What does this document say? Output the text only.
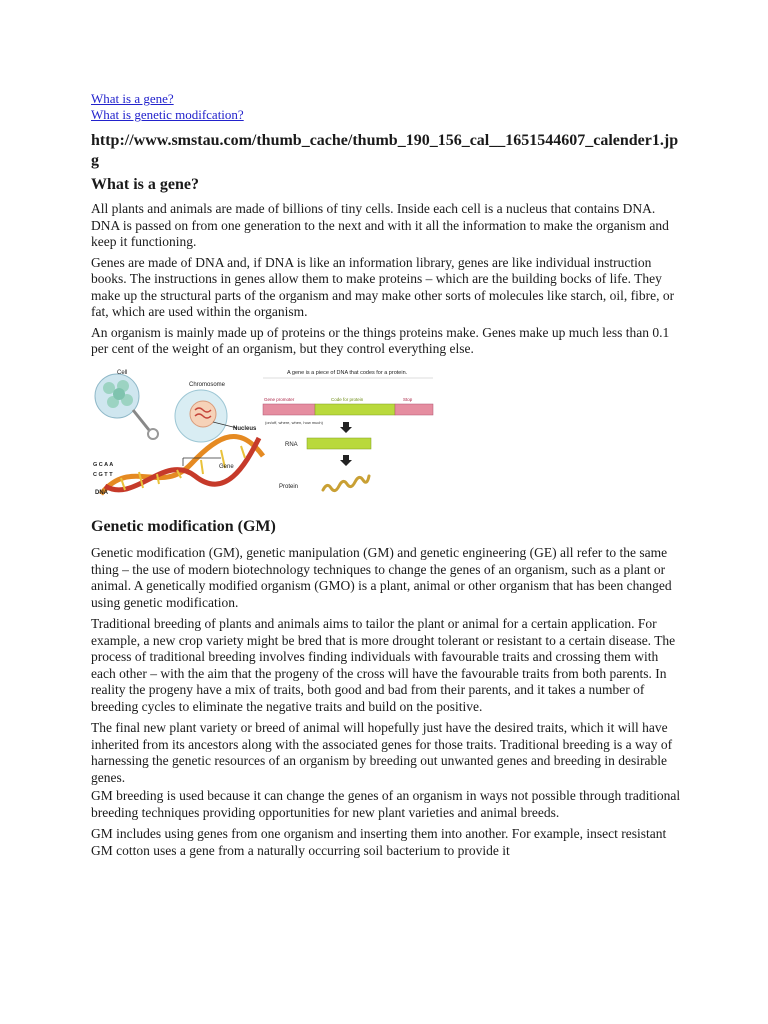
What is a gene?
What is genetic modifcation?

http://www.smstau.com/thumb_cache/thumb_190_156_cal__1651544607_calender1.jpg

What is a gene?

All plants and animals are made of billions of tiny cells. Inside each cell is a nucleus that contains DNA. DNA is passed on from one generation to the next and with it all the information to make the organism and keep it functioning.

Genes are made of DNA and, if DNA is like an information library, genes are like individual instruction books. The instructions in genes allow them to make proteins – which are the building bocks of life. They make up the structural parts of the organism and may make other sorts of molecules like starch, oil, fibre, or fat, which are used within the organism.

An organism is mainly made up of proteins or the things proteins make. Genes make up much less than 0.1 per cent of the weight of an organism, but they control everything else.

Cell
Chromosome
Nucleus
Gene
G C A A
C G T T
DNA
A gene is a piece of DNA that codes for a protein.
Gene promoter	Code for protein	Stop
(on/off, where, when, how much)
RNA
Protein
Genetic modification (GM)

Genetic modification (GM), genetic manipulation (GM) and genetic engineering (GE) all refer to the same thing – the use of modern biotechnology techniques to change the genes of an organism, such as a plant or animal. A genetically modified organism (GMO) is a plant, animal or other organism that has been changed using genetic modification.

Traditional breeding of plants and animals aims to tailor the plant or animal for a certain application. For example, a new crop variety might be bred that is more drought tolerant or resistant to a certain disease. The process of traditional breeding involves finding individuals with favourable traits and crossing them with each other – with the aim that the progeny of the cross will have the favourable traits from both parents. In reality the progeny have a mix of traits, both good and bad from their parents, and it takes a number of breeding cycles to eliminate the negative traits and build on the positive.

The final new plant variety or breed of animal will hopefully just have the desired traits, which it will have inherited from its ancestors along with the associated genes for those traits. Traditional breeding is a way of harnessing the genetic resources of an organism by breeding out unwanted genes and breeding in desirable genes.

GM breeding is used because it can change the genes of an organism in ways not possible through traditional breeding techniques providing opportunities for new plant varieties and animal breeds.

GM includes using genes from one organism and inserting them into another. For example, insect resistant GM cotton uses a gene from a naturally occurring soil bacterium to provide it
